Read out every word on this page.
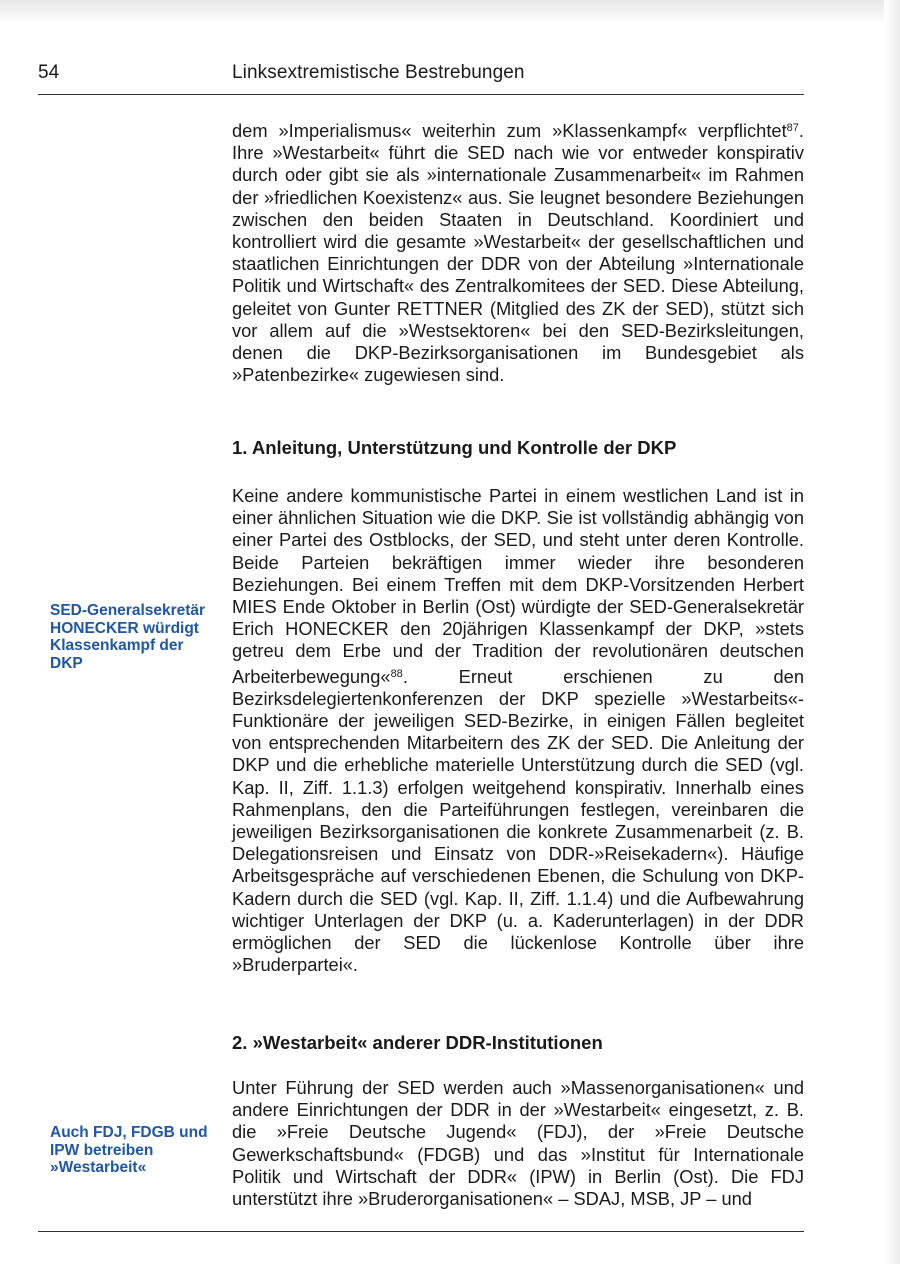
54	Linksextremistische Bestrebungen

dem »Imperialismus« weiterhin zum »Klassenkampf« verpflichtet$^{87}$. Ihre »Westarbeit« führt die SED nach wie vor entweder konspirativ durch oder gibt sie als »internationale Zusammenarbeit« im Rahmen der »friedlichen Koexistenz« aus. Sie leugnet besondere Beziehungen zwischen den beiden Staaten in Deutschland. Koordiniert und kontrolliert wird die gesamte »Westarbeit« der gesellschaftlichen und staatlichen Einrichtungen der DDR von der Abteilung »Internationale Politik und Wirtschaft« des Zentralkomitees der SED. Diese Abteilung, geleitet von Gunter RETTNER (Mitglied des ZK der SED), stützt sich vor allem auf die »Westsektoren« bei den SED-Bezirksleitungen, denen die DKP-Bezirksorganisationen im Bundesgebiet als »Patenbezirke« zugewiesen sind.

1. Anleitung, Unterstützung und Kontrolle der DKP
SED-Generalsekretär HONECKER würdigt Klassenkampf der DKP

Keine andere kommunistische Partei in einem westlichen Land ist in einer ähnlichen Situation wie die DKP. Sie ist vollständig abhängig von einer Partei des Ostblocks, der SED, und steht unter deren Kontrolle. Beide Parteien bekräftigen immer wieder ihre besonderen Beziehungen. Bei einem Treffen mit dem DKP-Vorsitzenden Herbert MIES Ende Oktober in Berlin (Ost) würdigte der SED-Generalsekretär Erich HONECKER den 20jährigen Klassenkampf der DKP, »stets getreu dem Erbe und der Tradition der revolutionären deutschen Arbeiterbewegung«$^{88}$. Erneut erschienen zu den Bezirksdelegiertenkonferenzen der DKP spezielle »Westarbeits«-Funktionäre der jeweiligen SED-Bezirke, in einigen Fällen begleitet von entsprechenden Mitarbeitern des ZK der SED. Die Anleitung der DKP und die erhebliche materielle Unterstützung durch die SED (vgl. Kap. II, Ziff. 1.1.3) erfolgen weitgehend konspirativ. Innerhalb eines Rahmenplans, den die Parteiführungen festlegen, vereinbaren die jeweiligen Bezirksorganisationen die konkrete Zusammenarbeit (z. B. Delegationsreisen und Einsatz von DDR-»Reisekadern«). Häufige Arbeitsgespräche auf verschiedenen Ebenen, die Schulung von DKP-Kadern durch die SED (vgl. Kap. II, Ziff. 1.1.4) und die Aufbewahrung wichtiger Unterlagen der DKP (u. a. Kaderunterlagen) in der DDR ermöglichen der SED die lückenlose Kontrolle über ihre »Bruderpartei«.

2. »Westarbeit« anderer DDR-Institutionen
Auch FDJ, FDGB und IPW betreiben »Westarbeit«

Unter Führung der SED werden auch »Massenorganisationen« und andere Einrichtungen der DDR in der »Westarbeit« eingesetzt, z. B. die »Freie Deutsche Jugend« (FDJ), der »Freie Deutsche Gewerkschaftsbund« (FDGB) und das »Institut für Internationale Politik und Wirtschaft der DDR« (IPW) in Berlin (Ost). Die FDJ unterstützt ihre »Bruderorganisationen« – SDAJ, MSB, JP – und
